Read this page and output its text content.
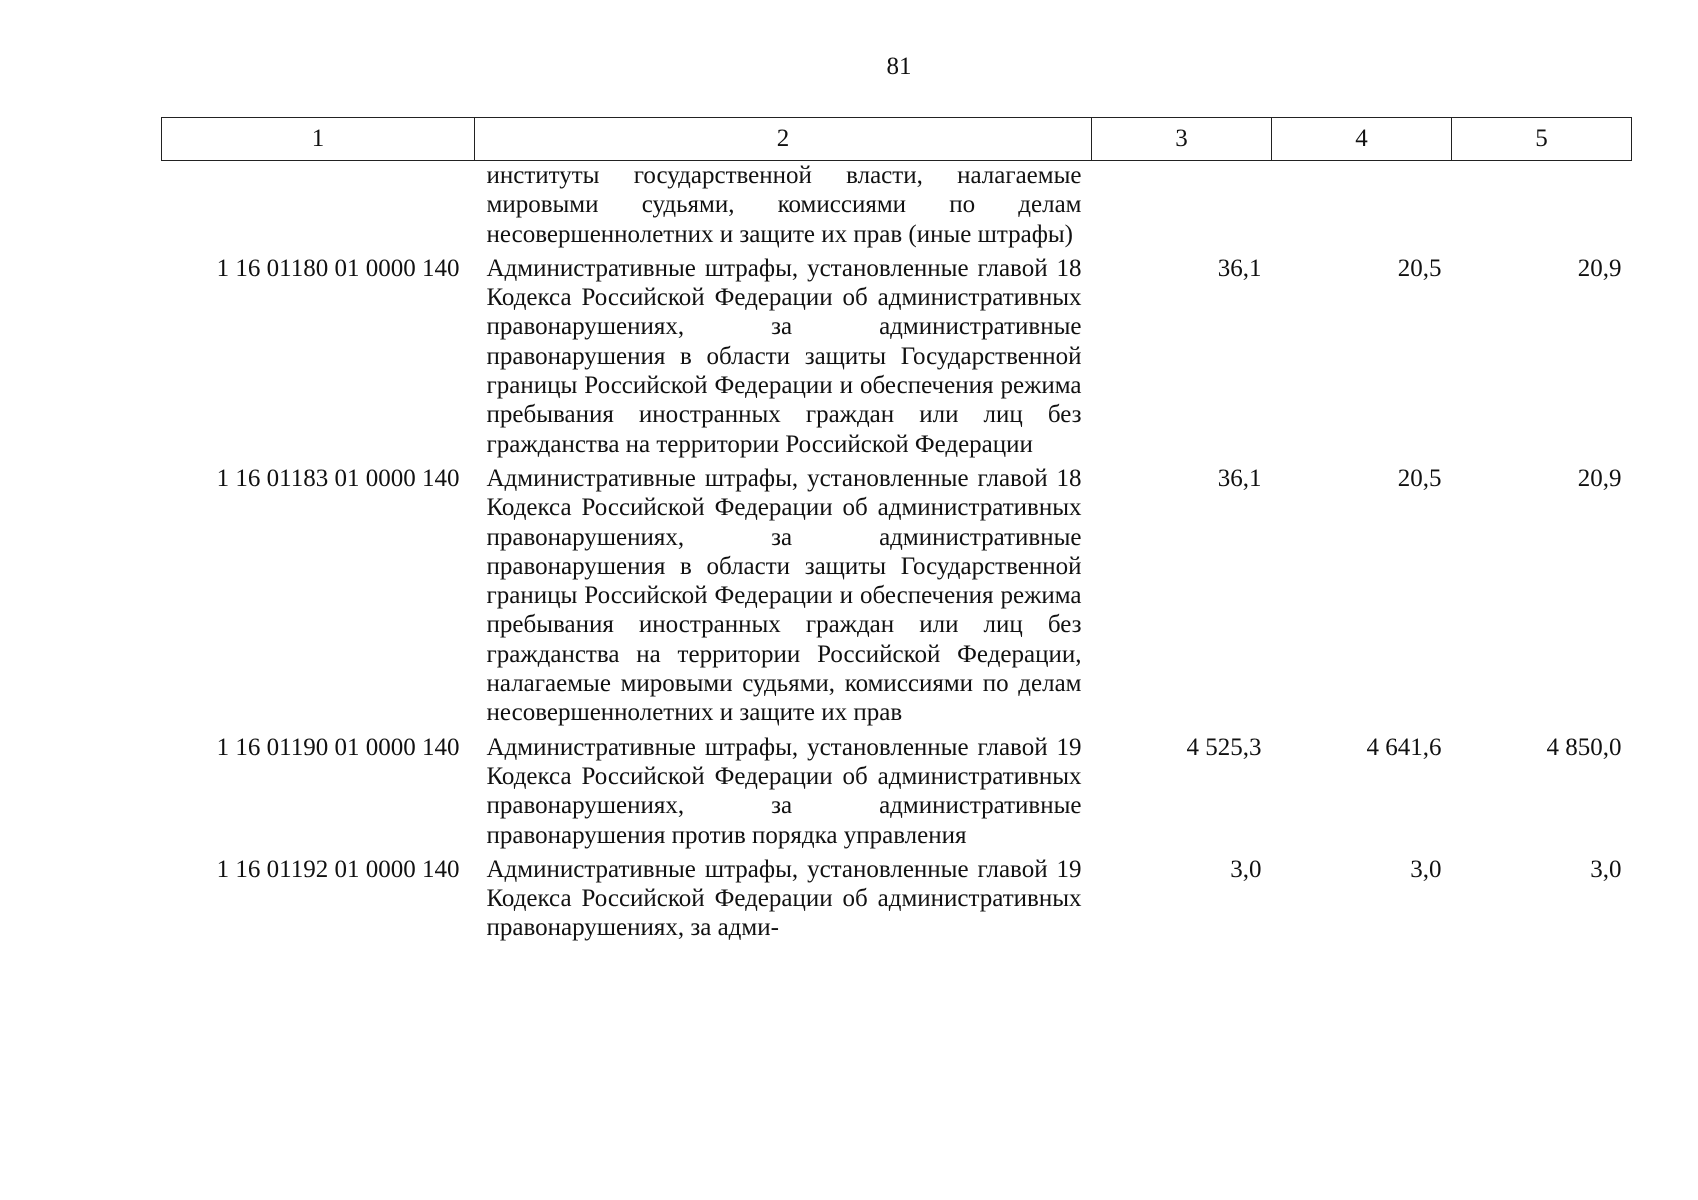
81
1	2	3	4	5
	институты государственной власти, налагаемые мировыми судьями, комиссиями по делам несовершеннолетних и защите их прав (иные штрафы)			
1 16 01180 01 0000 140	Административные штрафы, установленные главой 18 Кодекса Российской Федерации об административных правонарушениях, за административные правонарушения в области защиты Государственной границы Российской Федерации и обеспечения режима пребывания иностранных граждан или лиц без гражданства на территории Российской Федерации	36,1	20,5	20,9
1 16 01183 01 0000 140	Административные штрафы, установленные главой 18 Кодекса Российской Федерации об административных правонарушениях, за административные правонарушения в области защиты Государственной границы Российской Федерации и обеспечения режима пребывания иностранных граждан или лиц без гражданства на территории Российской Федерации, налагаемые мировыми судьями, комиссиями по делам несовершеннолетних и защите их прав	36,1	20,5	20,9
1 16 01190 01 0000 140	Административные штрафы, установленные главой 19 Кодекса Российской Федерации об административных правонарушениях, за административные правонарушения против порядка управления	4 525,3	4 641,6	4 850,0
1 16 01192 01 0000 140	Административные штрафы, установленные главой 19 Кодекса Российской Федерации об административных правонарушениях, за адми-	3,0	3,0	3,0
